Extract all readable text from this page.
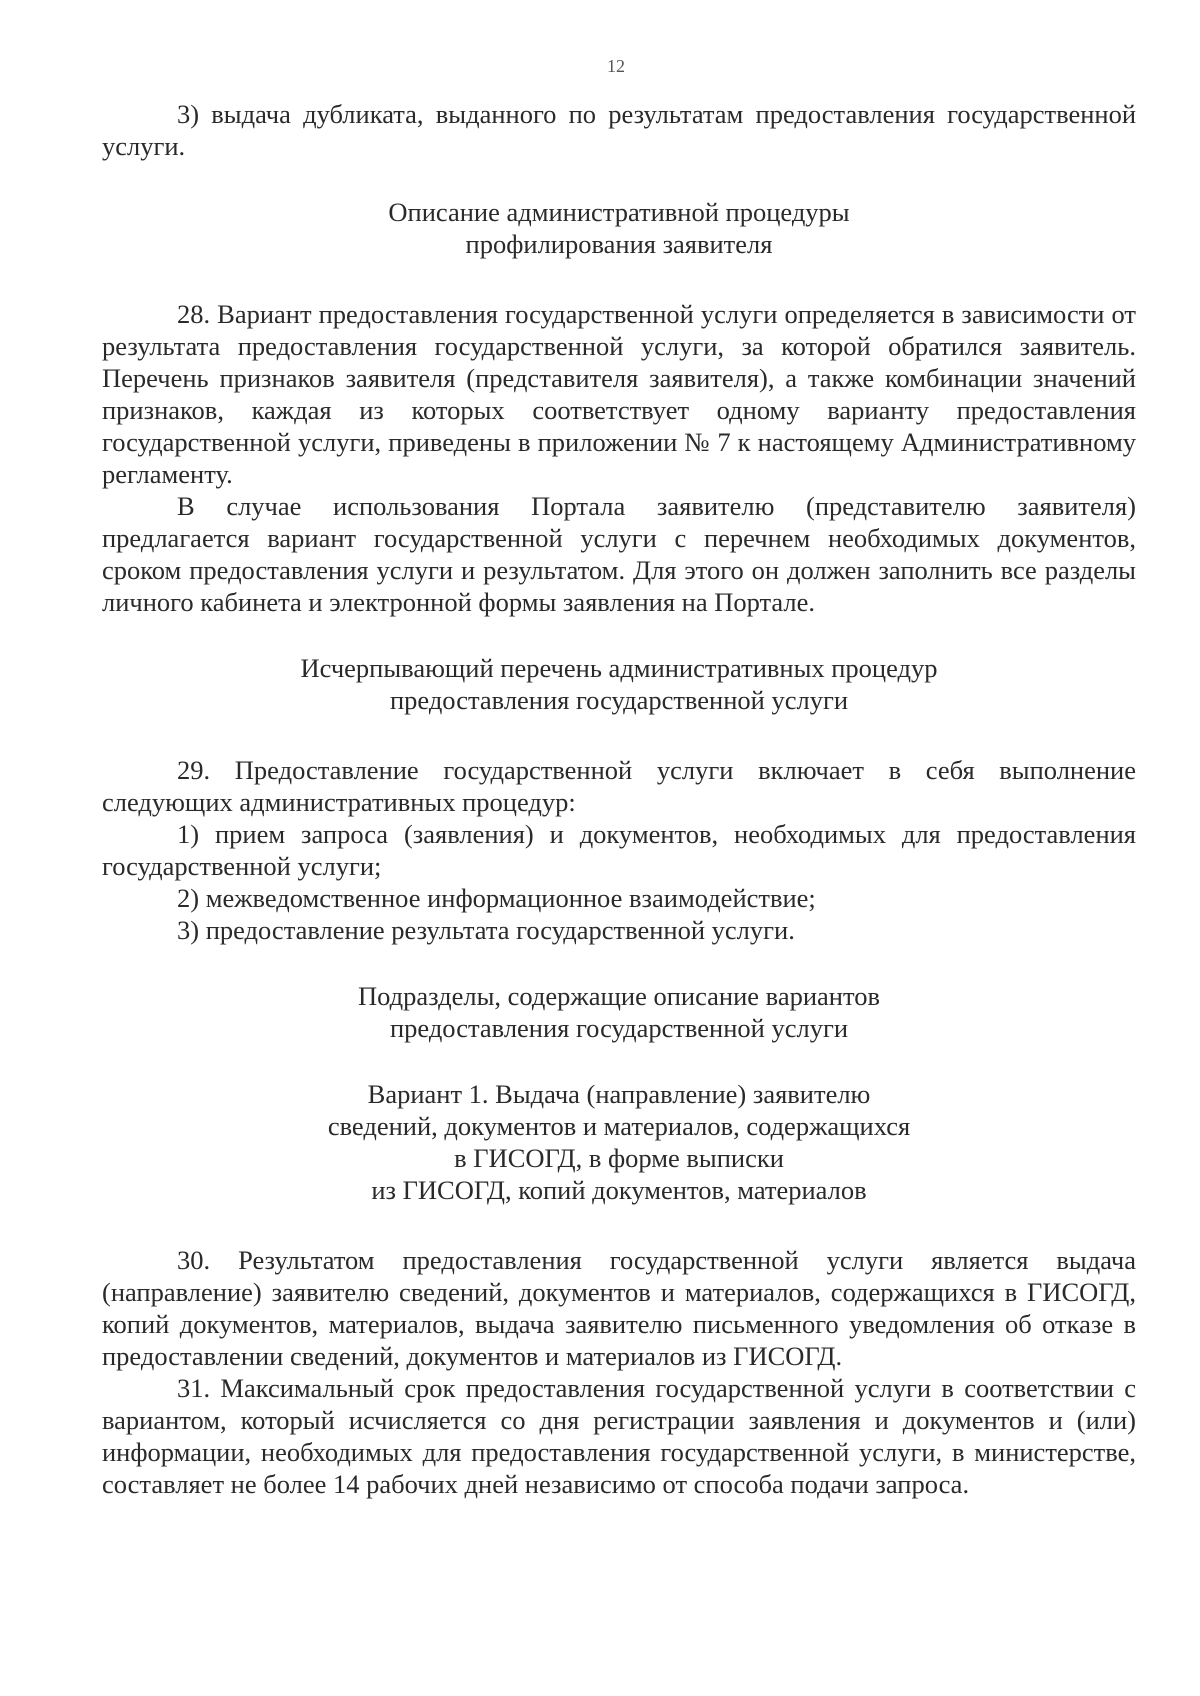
12

3) выдача дубликата, выданного по результатам предоставления государственной услуги.

Описание административной процедуры
профилирования заявителя

28. Вариант предоставления государственной услуги определяется в зависимости от результата предоставления государственной услуги, за которой обратился заявитель. Перечень признаков заявителя (представителя заявителя), а также комбинации значений признаков, каждая из которых соответствует одному варианту предоставления государственной услуги, приведены в приложении № 7 к настоящему Административному регламенту.

В случае использования Портала заявителю (представителю заявителя) предлагается вариант государственной услуги с перечнем необходимых документов, сроком предоставления услуги и результатом. Для этого он должен заполнить все разделы личного кабинета и электронной формы заявления на Портале.

Исчерпывающий перечень административных процедур
предоставления государственной услуги

29. Предоставление государственной услуги включает в себя выполнение следующих административных процедур:

1) прием запроса (заявления) и документов, необходимых для предоставления государственной услуги;

2) межведомственное информационное взаимодействие;

3) предоставление результата государственной услуги.

Подразделы, содержащие описание вариантов
предоставления государственной услуги
Вариант 1. Выдача (направление) заявителю
сведений, документов и материалов, содержащихся
в ГИСОГД, в форме выписки
из ГИСОГД, копий документов, материалов

30. Результатом предоставления государственной услуги является выдача (направление) заявителю сведений, документов и материалов, содержащихся в ГИСОГД, копий документов, материалов, выдача заявителю письменного уведомления об отказе в предоставлении сведений, документов и материалов из ГИСОГД.

31. Максимальный срок предоставления государственной услуги в соответствии с вариантом, который исчисляется со дня регистрации заявления и документов и (или) информации, необходимых для предоставления государственной услуги, в министерстве, составляет не более 14 рабочих дней независимо от способа подачи запроса.
